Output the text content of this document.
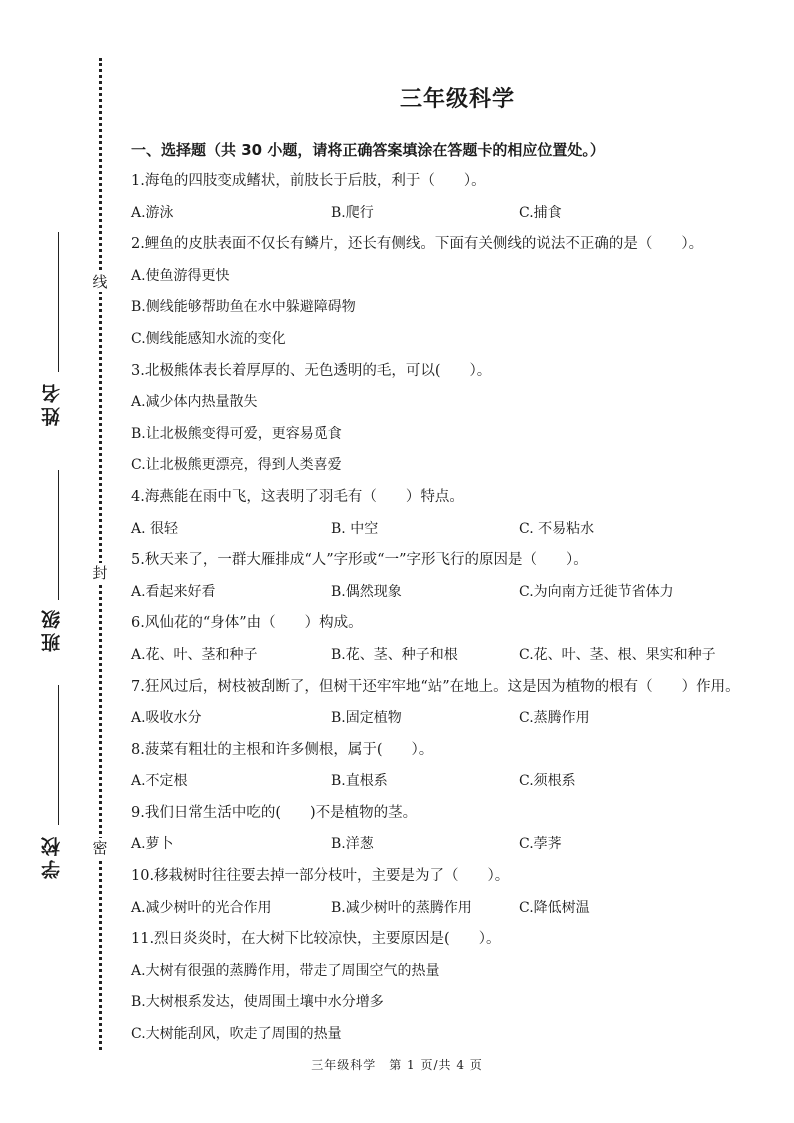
线
封
密
姓名
班级
学校
三年级科学
一、选择题（共 30 小题，请将正确答案填涂在答题卡的相应位置处。）
1.海龟的四肢变成鳍状，前肢长于后肢，利于（　　）。
A.游泳	B.爬行	C.捕食
2.鲤鱼的皮肤表面不仅长有鳞片，还长有侧线。下面有关侧线的说法不正确的是（　　）。
A.使鱼游得更快
B.侧线能够帮助鱼在水中躲避障碍物
C.侧线能感知水流的变化
3.北极熊体表长着厚厚的、无色透明的毛，可以(　　）。
A.减少体内热量散失
B.让北极熊变得可爱，更容易觅食
C.让北极熊更漂亮，得到人类喜爱
4.海燕能在雨中飞，这表明了羽毛有（　　）特点。
A. 很轻	B. 中空	C. 不易粘水
5.秋天来了，一群大雁排成“人”字形或“一”字形飞行的原因是（　　）。
A.看起来好看	B.偶然现象	C.为向南方迁徙节省体力
6.风仙花的“身体”由（　　）构成。
A.花、叶、茎和种子	B.花、茎、种子和根	C.花、叶、茎、根、果实和种子
7.狂风过后，树枝被刮断了，但树干还牢牢地“站”在地上。这是因为植物的根有（　　）作用。
A.吸收水分	B.固定植物	C.蒸腾作用
8.菠菜有粗壮的主根和许多侧根，属于(　　）。
A.不定根	B.直根系	C.须根系
9.我们日常生活中吃的(　　)不是植物的茎。
A.萝卜	B.洋葱	C.荸荠
10.移栽树时往往要去掉一部分枝叶，主要是为了（　　）。
A.减少树叶的光合作用	B.减少树叶的蒸腾作用	C.降低树温
11.烈日炎炎时，在大树下比较凉快，主要原因是(　　）。
A.大树有很强的蒸腾作用，带走了周围空气的热量
B.大树根系发达，使周围土壤中水分增多
C.大树能刮风，吹走了周围的热量
三年级科学　第 1 页/共 4 页
